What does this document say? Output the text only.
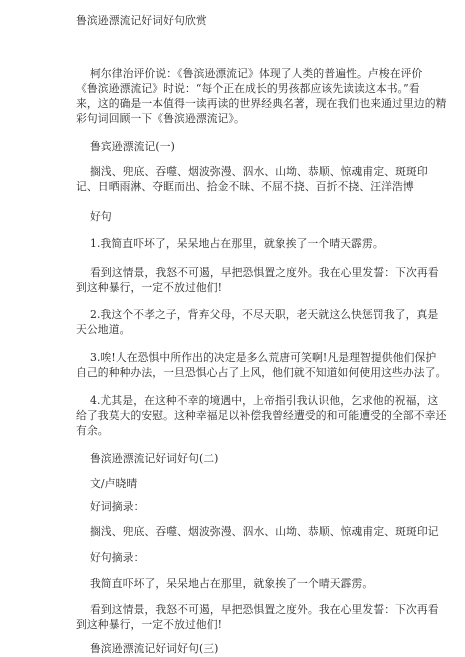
鲁滨逊漂流记好词好句欣赏
柯尔律治评价说：《鲁滨逊漂流记》体现了人类的普遍性。卢梭在评价
《鲁滨逊漂流记》时说：“每个正在成长的男孩都应该先读读这本书。”看
来，这的确是一本值得一读再读的世界经典名著，现在我们也来通过里边的精
彩句词回顾一下《鲁滨逊漂流记》。
鲁宾逊漂流记(一)
搁浅、兜底、吞噬、烟波弥漫、泅水、山坳、恭顺、惊魂甫定、斑斑印
记、日晒雨淋、夺眶而出、拾金不昧、不屈不挠、百折不挠、汪洋浩博
好句
1.我简直吓坏了，呆呆地占在那里，就象挨了一个晴天霹雳。
看到这情景，我怒不可遏，早把恐惧置之度外。我在心里发誓：下次再看
到这种暴行，一定不放过他们!
2.我这个不孝之子，背弃父母，不尽天职，老天就这么快惩罚我了，真是
天公地道。
3.唉!人在恐惧中所作出的决定是多么荒唐可笑啊!凡是理智提供他们保护
自己的种种办法，一旦恐惧心占了上风，他们就不知道如何使用这些办法了。
4.尤其是，在这种不幸的境遇中，上帝指引我认识他，乞求他的祝福，这
给了我莫大的安慰。这种幸福足以补偿我曾经遭受的和可能遭受的全部不幸还
有余。
鲁滨逊漂流记好词好句(二)
文/卢晓晴
好词摘录：
搁浅、兜底、吞噬、烟波弥漫、泅水、山坳、恭顺、惊魂甫定、斑斑印记
好句摘录：
我简直吓坏了，呆呆地占在那里，就象挨了一个晴天霹雳。
看到这情景，我怒不可遏，早把恐惧置之度外。我在心里发誓：下次再看
到这种暴行，一定不放过他们!
鲁滨逊漂流记好词好句(三)
